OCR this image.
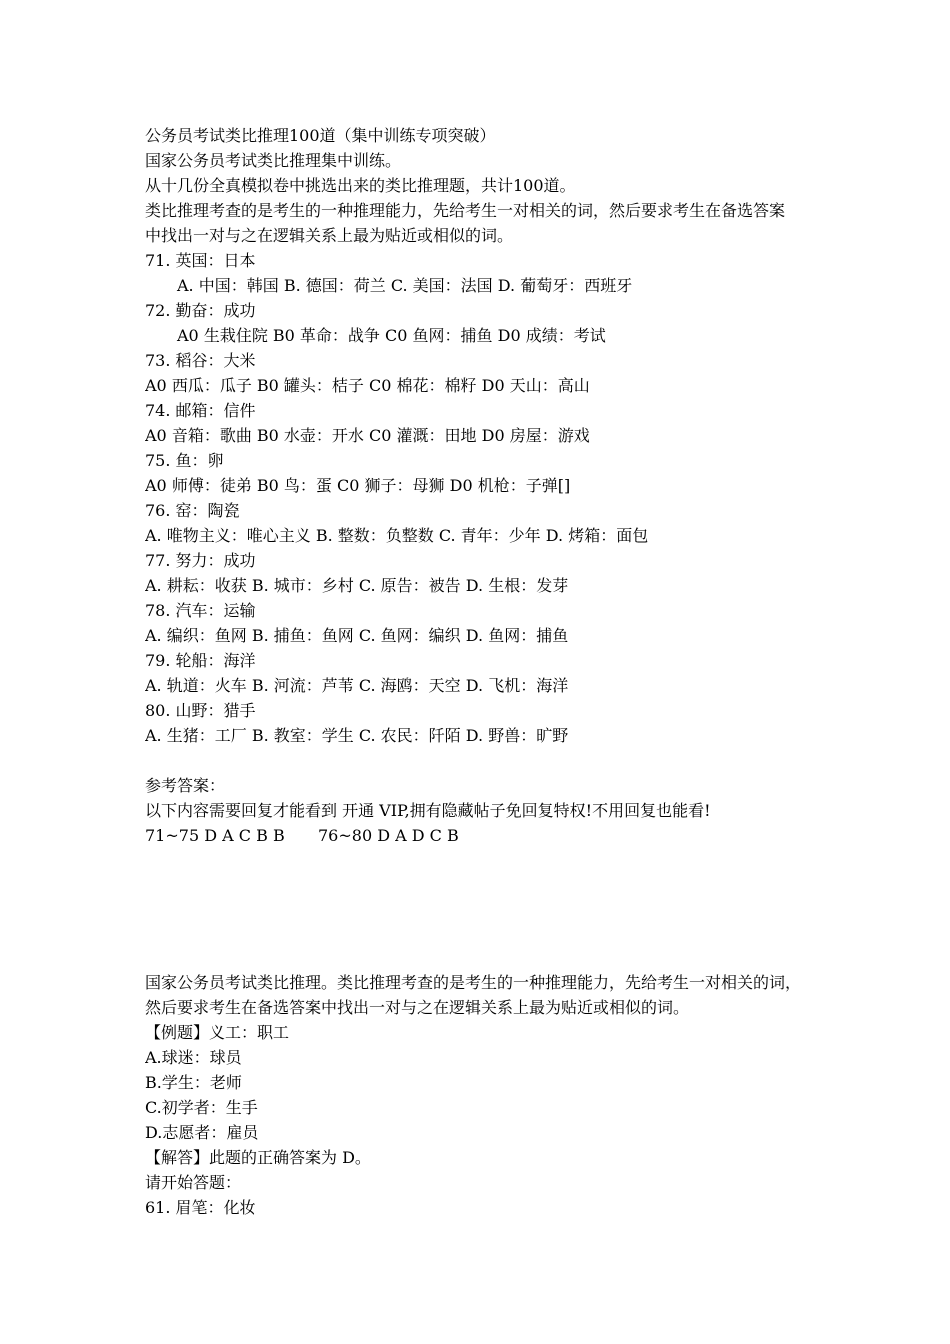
公务员考试类比推理100道（集中训练专项突破）
国家公务员考试类比推理集中训练。
从十几份全真模拟卷中挑选出来的类比推理题，共计100道。
类比推理考查的是考生的一种推理能力，先给考生一对相关的词，然后要求考生在备选答案
中找出一对与之在逻辑关系上最为贴近或相似的词。
71. 英国：日本
A. 中国：韩国 B. 德国：荷兰 C. 美国：法国 D. 葡萄牙：西班牙
72. 勤奋：成功
A0 生栽住院 B0 革命：战争 C0 鱼网：捕鱼 D0 成绩：考试
73. 稻谷：大米
A0 西瓜：瓜子 B0 罐头：桔子 C0 棉花：棉籽 D0 天山：高山
74. 邮箱：信件
A0 音箱：歌曲 B0 水壶：开水 C0 灌溉：田地 D0 房屋：游戏
75. 鱼：卵
A0 师傅：徒弟 B0 鸟：蛋 C0 狮子：母狮 D0 机枪：子弹[]
76. 窑：陶瓷
A. 唯物主义：唯心主义 B. 整数：负整数 C. 青年：少年 D. 烤箱：面包
77. 努力：成功
A. 耕耘：收获 B. 城市：乡村 C. 原告：被告 D. 生根：发芽
78. 汽车：运输
A. 编织：鱼网 B. 捕鱼：鱼网 C. 鱼网：编织 D. 鱼网：捕鱼
79. 轮船：海洋
A. 轨道：火车 B. 河流：芦苇 C. 海鸥：天空 D. 飞机：海洋
80. 山野：猎手
A. 生猪：工厂 B. 教室：学生 C. 农民：阡陌 D. 野兽：旷野
参考答案：
以下内容需要回复才能看到 开通 VIP,拥有隐藏帖子免回复特权!不用回复也能看!
71~75 D A C B B 76~80 D A D C B
国家公务员考试类比推理。类比推理考查的是考生的一种推理能力，先给考生一对相关的词，
然后要求考生在备选答案中找出一对与之在逻辑关系上最为贴近或相似的词。
【例题】义工：职工
A.球迷：球员
B.学生：老师
C.初学者：生手
D.志愿者：雇员
【解答】此题的正确答案为 D。
请开始答题：
61. 眉笔：化妆
